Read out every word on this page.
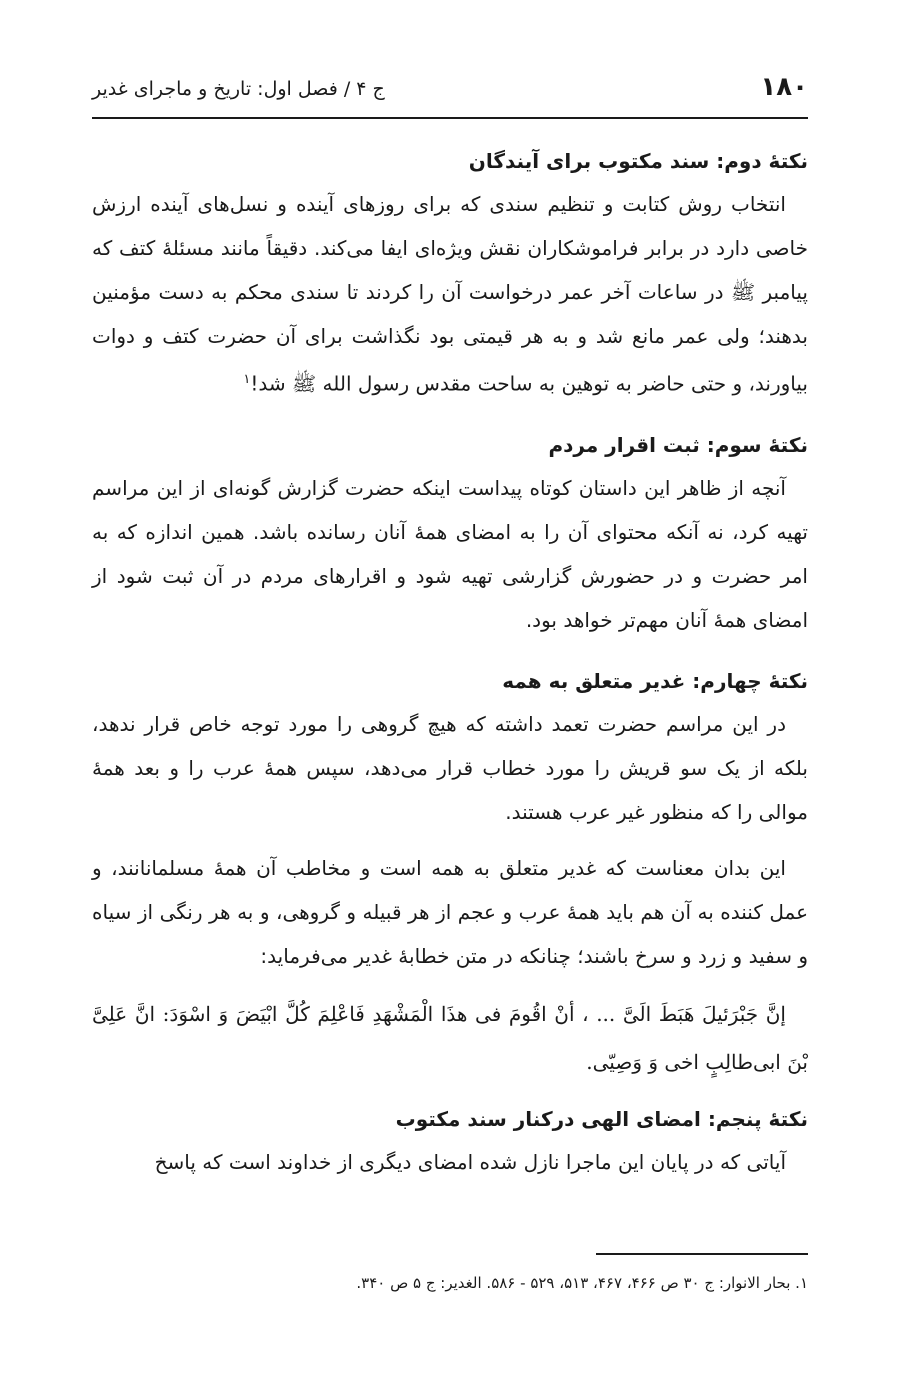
۱۸۰
ج ۴ / فصل اول: تاریخ و ماجرای غدیر
نکتۀ دوم: سند مکتوب برای آیندگان

انتخاب روش کتابت و تنظیم سندی که برای روزهای آینده و نسل‌های آینده ارزش خاصی دارد در برابر فراموشکاران نقش ویژه‌ای ایفا می‌کند. دقیقاً مانند مسئلۀ کتف که پیامبر ﷺ در ساعات آخر عمر درخواست آن را کردند تا سندی محکم به دست مؤمنین بدهند؛ ولی عمر مانع شد و به هر قیمتی بود نگذاشت برای آن حضرت کتف و دوات بیاورند، و حتی حاضر به توهین به ساحت مقدس رسول الله ﷺ شد!$^۱$

نکتۀ سوم: ثبت اقرار مردم

آنچه از ظاهر این داستان کوتاه پیداست اینکه حضرت گزارش گونه‌ای از این مراسم تهیه کرد، نه آنکه محتوای آن را به امضای همۀ آنان رسانده باشد. همین اندازه که به امر حضرت و در حضورش گزارشی تهیه شود و اقرارهای مردم در آن ثبت شود از امضای همۀ آنان مهم‌تر خواهد بود.

نکتۀ چهارم: غدیر متعلق به همه

در این مراسم حضرت تعمد داشته که هیچ گروهی را مورد توجه خاص قرار ندهد، بلکه از یک سو قریش را مورد خطاب قرار می‌دهد، سپس همۀ عرب را و بعد همۀ موالی را که منظور غیر عرب هستند.

این بدان معناست که غدیر متعلق به همه است و مخاطب آن همۀ مسلمانانند، و عمل کننده به آن هم باید همۀ عرب و عجم از هر قبیله و گروهی، و به هر رنگی از سیاه و سفید و زرد و سرخ باشند؛ چنانکه در متن خطابۀ غدیر می‌فرماید:

إنَّ جَبْرَئیلَ هَبَطَ الَیَّ ... ، أنْ اقُومَ فی هذَا الْمَشْهَدِ فَاعْلِمَ كُلَّ ابْیَضَ وَ اسْوَدَ: انَّ عَلِیَّ بْنَ ابی‌طالِبٍ اخی وَ وَصِیّی.

نکتۀ پنجم: امضای الهی درکنار سند مکتوب

آیاتی که در پایان این ماجرا نازل شده امضای دیگری از خداوند است که پاسخ

۱. بحار الانوار: ج ۳۰ ص ۴۶۶، ۴۶۷، ۵۱۳، ۵۲۹ - ۵۸۶. الغدیر: ج ۵ ص ۳۴۰.
